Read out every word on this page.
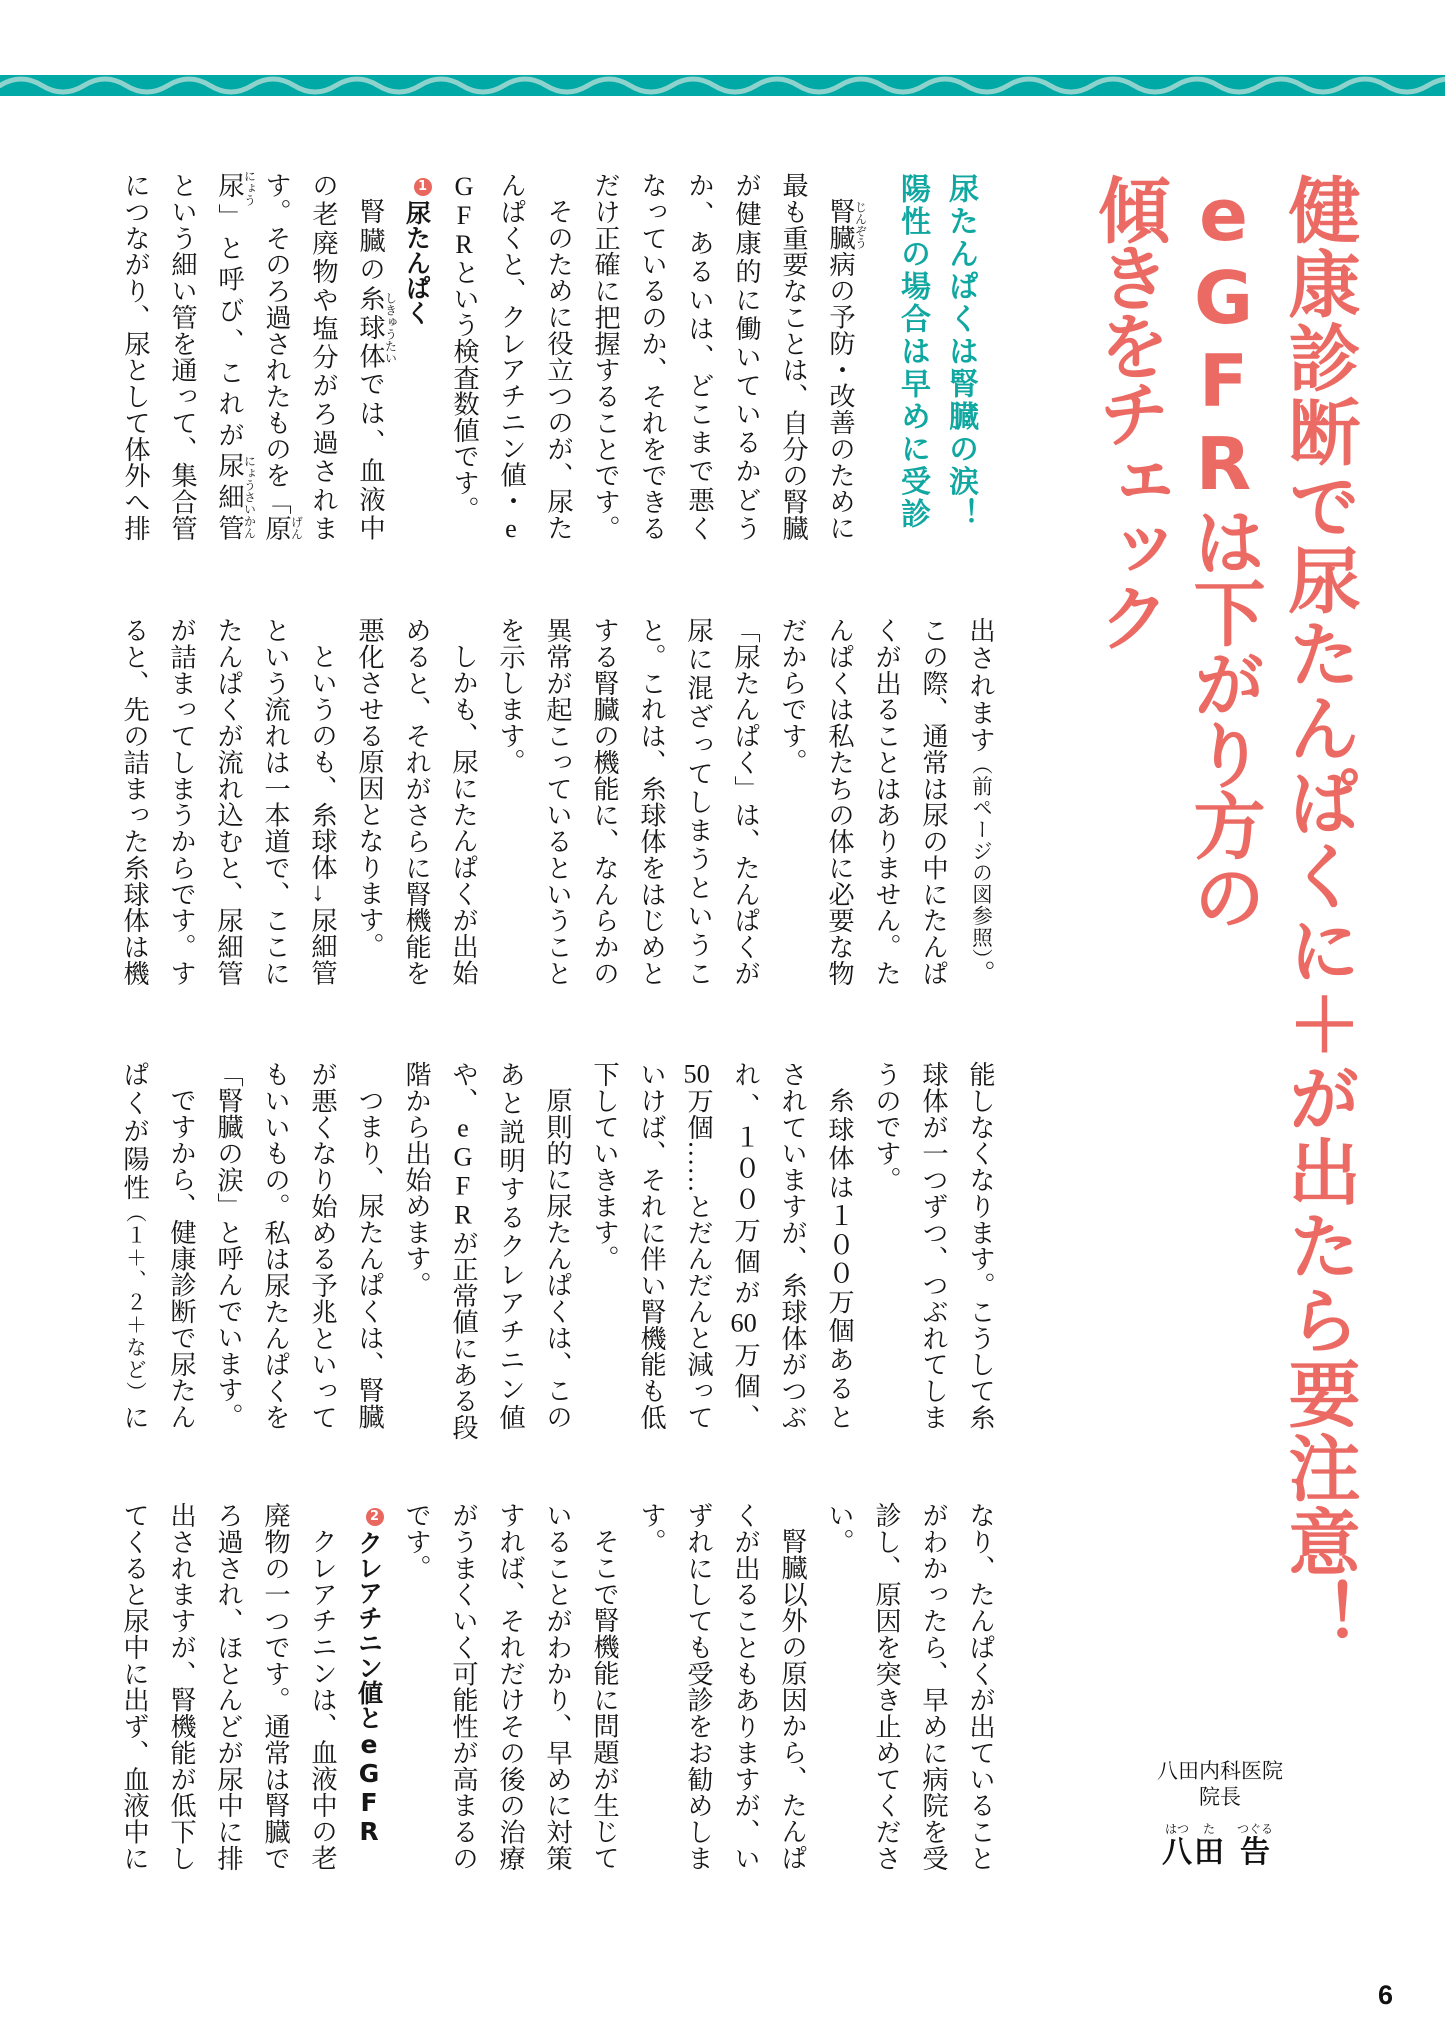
健康診断で尿たんぱくに＋が出たら要注意！
eGFRは下がり方の
傾きをチェック
尿たんぱくは腎臓の涙！
陽性の場合は早めに受診
腎臓 じんぞう
病の予防・改善のために
最も重要なことは、自分の腎臓
が健康的に働いているかどう
か、あるいは、どこまで悪く
なっているのか、それをできる
だけ正確に把握することです。
そのために役立つのが、尿た
んぱくと、クレアチニン値・e
GFRという検査数値です。
1尿たんぱく
腎臓の糸球体 しきゅうたい
では、血液中
の老廃物や塩分がろ過されま
す。そのろ過されたものを「原 げん
尿 にょう
」と呼び、これが尿細管 にょうさいかん
という細い管を通って、集合管
につながり、尿として体外へ排
出されます（前ページの図参照）。
この際、通常は尿の中にたんぱ
くが出ることはありません。た
んぱくは私たちの体に必要な物
だからです。
「尿たんぱく」は、たんぱくが
尿に混ざってしまうというこ
と。これは、糸球体をはじめと
する腎臓の機能に、なんらかの
異常が起こっているということ
を示します。
しかも、尿にたんぱくが出始
めると、それがさらに腎機能を
悪化させる原因となります。
というのも、糸球体→尿細管
という流れは一本道で、ここに
たんぱくが流れ込むと、尿細管
が詰まってしまうからです。す
ると、先の詰まった糸球体は機
能しなくなります。こうして糸
球体が一つずつ、つぶれてしま
うのです。
糸球体は１００万個あると
されていますが、糸球体がつぶ
れ、１００万個が60万個、
50万個……とだんだんと減って
いけば、それに伴い腎機能も低
下していきます。
原則的に尿たんぱくは、この
あと説明するクレアチニン値
や、eGFRが正常値にある段
階から出始めます。
つまり、尿たんぱくは、腎臓
が悪くなり始める予兆といって
もいいもの。私は尿たんぱくを
「腎臓の涙」と呼んでいます。
ですから、健康診断で尿たん
ぱくが陽性（１＋、２＋など）に
なり、たんぱくが出ていること
がわかったら、早めに病院を受
診し、原因を突き止めてくださ
い。
腎臓以外の原因から、たんぱ
くが出ることもありますが、い
ずれにしても受診をお勧めしま
す。
そこで腎機能に問題が生じて
いることがわかり、早めに対策
すれば、それだけその後の治療
がうまくいく可能性が高まるの
です。
2クレアチニン値とeGFR
クレアチニンは、血液中の老
廃物の一つです。通常は腎臓で
ろ過され、ほとんどが尿中に排
出されますが、腎機能が低下し
てくると尿中に出ず、血液中に	八田内科医院
院長
はつ
八
た
田
つぐる
告
6
